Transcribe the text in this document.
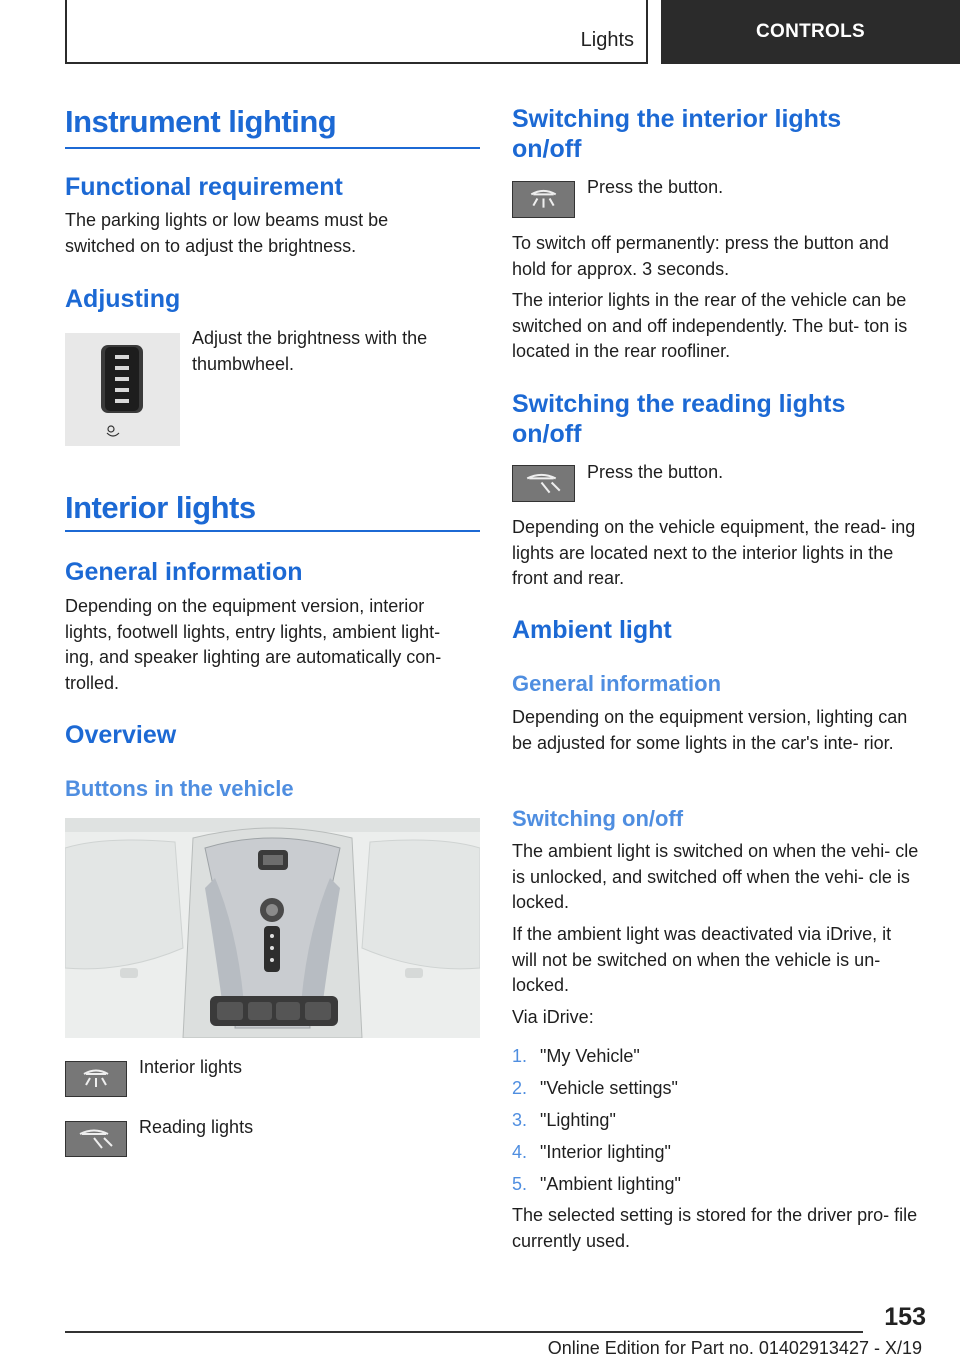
Lights	CONTROLS
Instrument lighting
Functional requirement
The parking lights or low beams must be switched on to adjust the brightness.
Adjusting
Adjust the brightness with the thumbwheel.
Interior lights
General information
Depending on the equipment version, interior lights, footwell lights, entry lights, ambient light- ing, and speaker lighting are automatically con- trolled.
Overview
Buttons in the vehicle
Interior lights
Reading lights
Switching the interior lights on/off
Press the button.
To switch off permanently: press the button and hold for approx. 3 seconds.
The interior lights in the rear of the vehicle can be switched on and off independently. The but- ton is located in the rear roofliner.
Switching the reading lights on/off
Press the button.
Depending on the vehicle equipment, the read- ing lights are located next to the interior lights in the front and rear.
Ambient light
General information
Depending on the equipment version, lighting can be adjusted for some lights in the car's inte- rior.
Switching on/off
The ambient light is switched on when the vehi- cle is unlocked, and switched off when the vehi- cle is locked.
If the ambient light was deactivated via iDrive, it will not be switched on when the vehicle is un- locked.
Via iDrive:
1. "My Vehicle"
2. "Vehicle settings"
3. "Lighting"
4. "Interior lighting"
5. "Ambient lighting"
The selected setting is stored for the driver pro- file currently used.
153
Online Edition for Part no. 01402913427 - X/19
